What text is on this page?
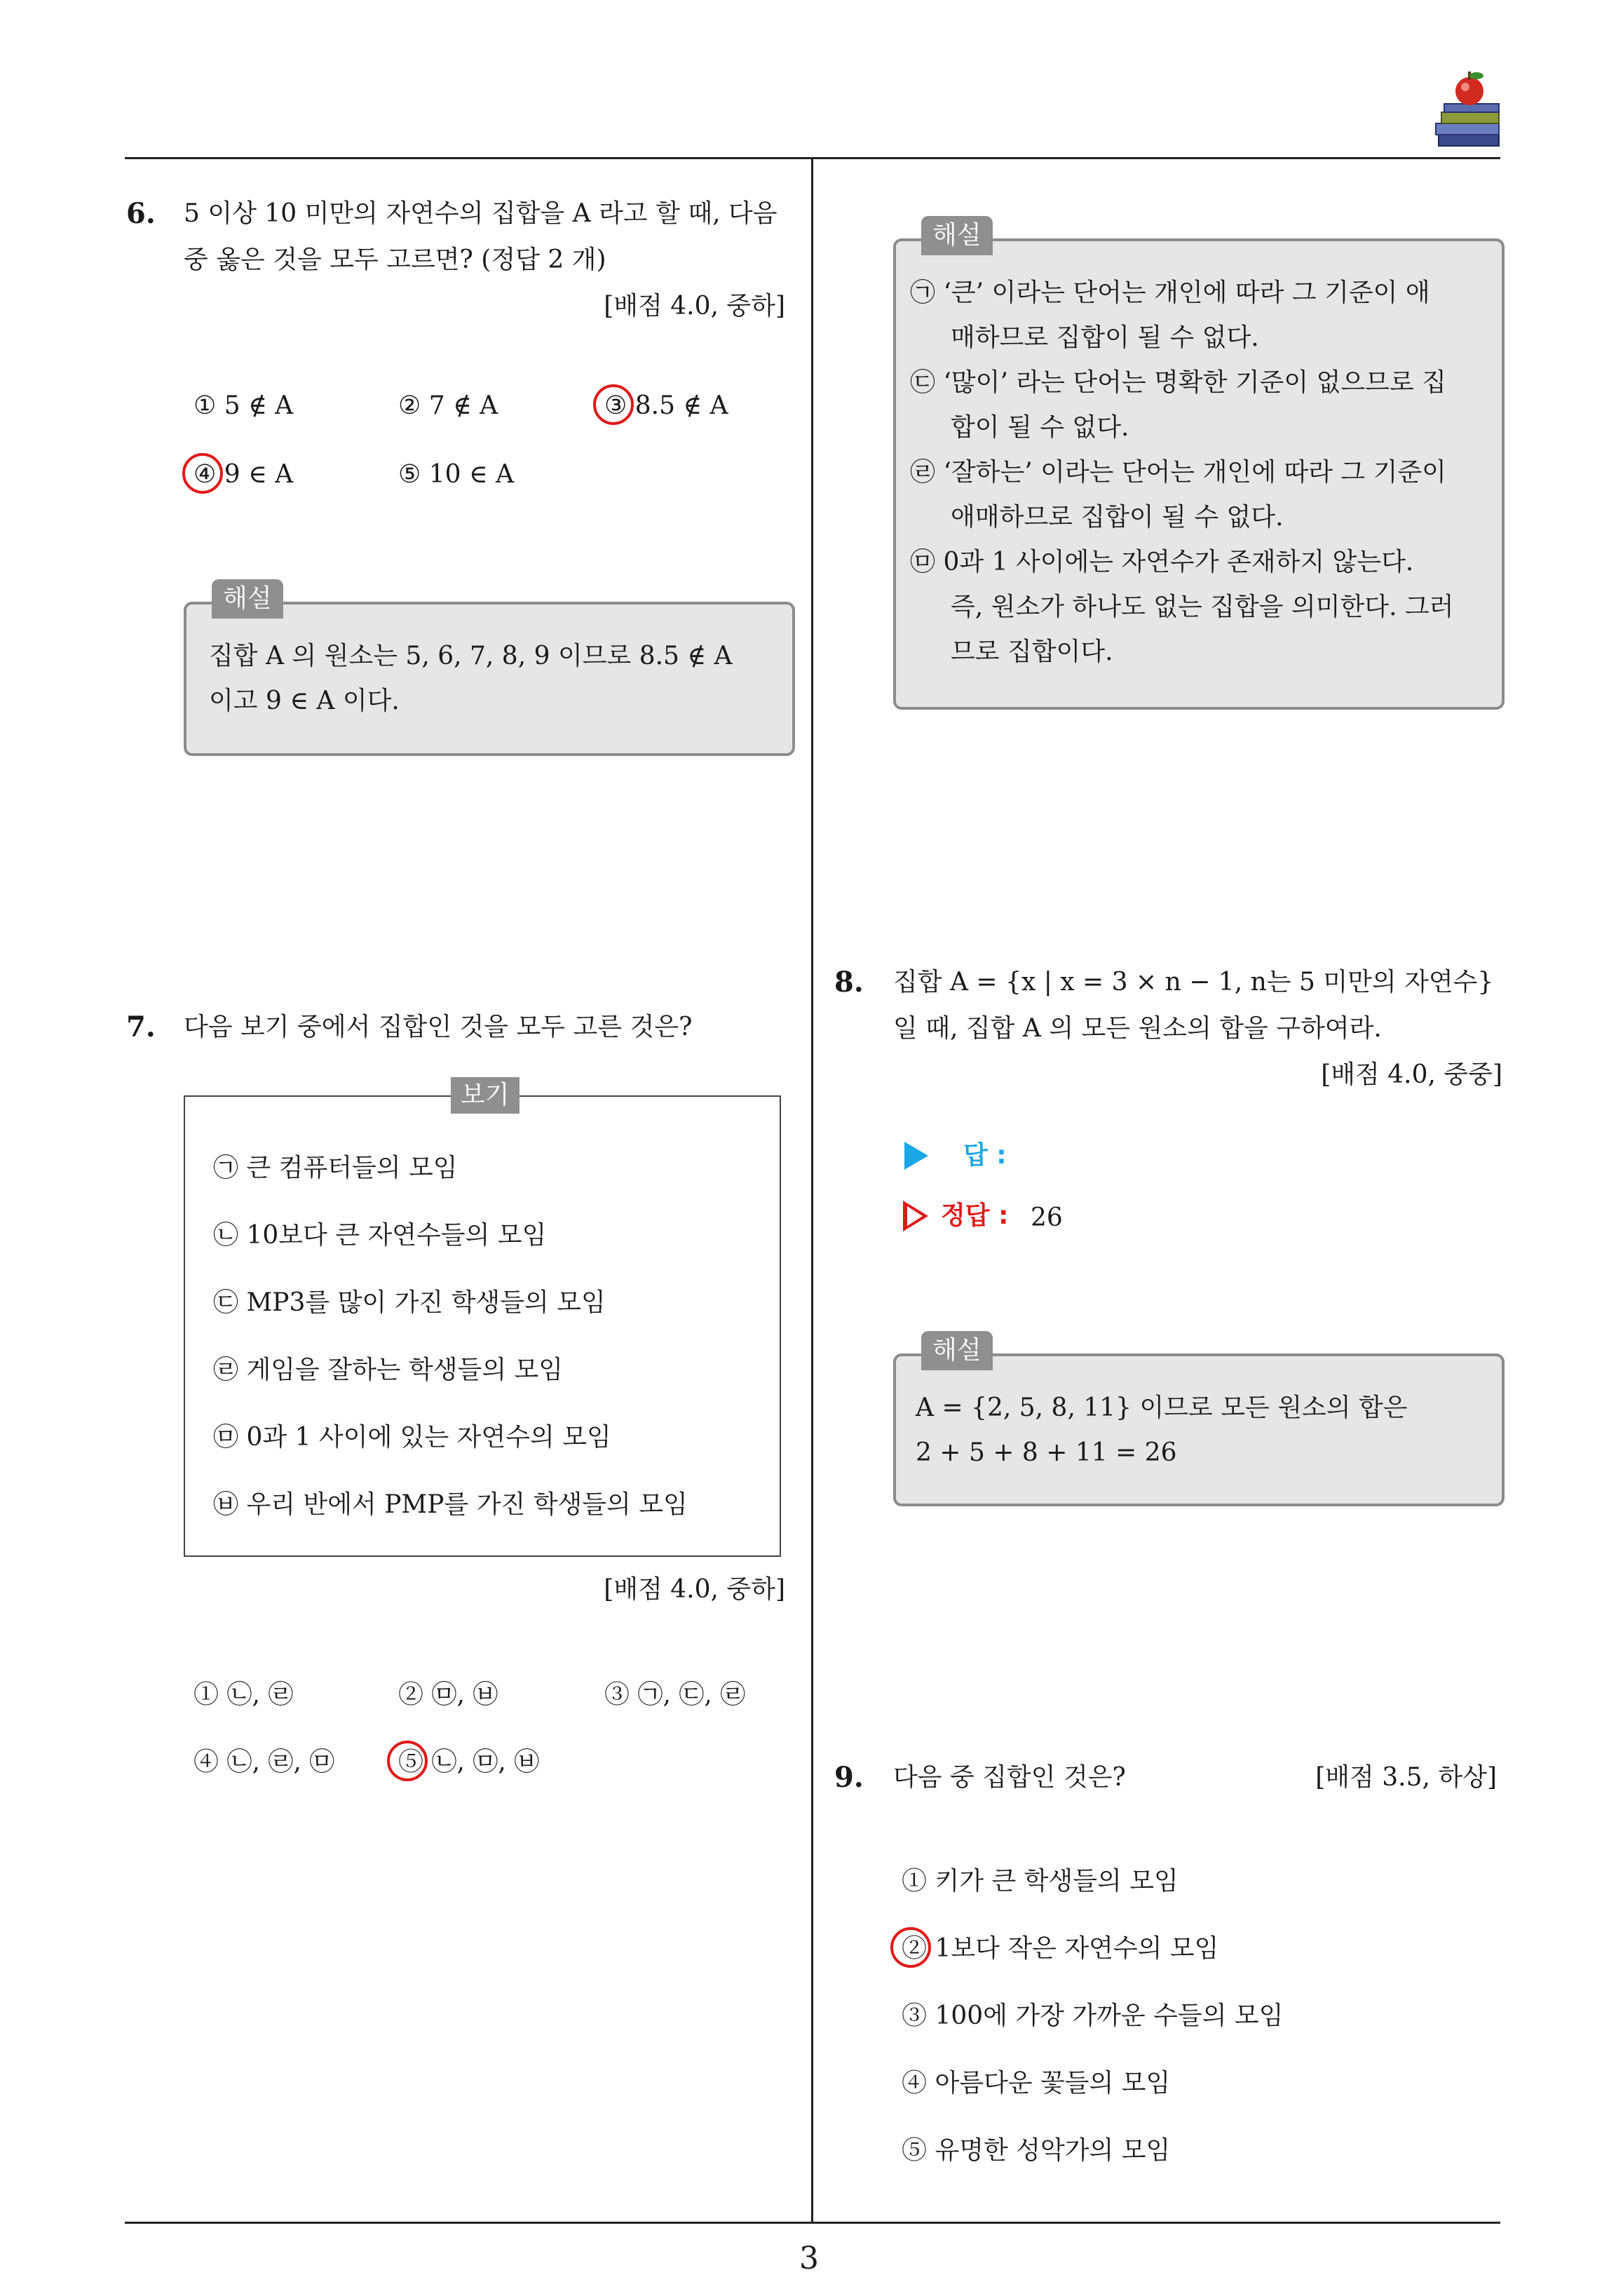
3
6. 5 이상 10 미만의 자연수의 집합을 A 라고 할 때, 다음
중 옳은 것을 모두 고르면? (정답 2 개)
[배점 4.0, 중하]
① 5 ∉ A	② 7 ∉ A	③ 8.5 ∉ A
④ 9 ∈ A	⑤ 10 ∈ A
해설
집합 A 의 원소는 5, 6, 7, 8, 9 이므로 8.5 ∉ A
이고 9 ∈ A 이다.
7. 다음 보기 중에서 집합인 것을 모두 고른 것은?
보기
㉠ 큰 컴퓨터들의 모임
㉡ 10보다 큰 자연수들의 모임
㉢ MP3를 많이 가진 학생들의 모임
㉣ 게임을 잘하는 학생들의 모임
㉤ 0과 1 사이에 있는 자연수의 모임
㉥ 우리 반에서 PMP를 가진 학생들의 모임
[배점 4.0, 중하]
① ㉡, ㉣	② ㉤, ㉥	③ ㉠, ㉢, ㉣
④ ㉡, ㉣, ㉤	⑤ ㉡, ㉤, ㉥
해설
㉠ ‘큰’ 이라는 단어는 개인에 따라 그 기준이 애
매하므로 집합이 될 수 없다.
㉢ ‘많이’ 라는 단어는 명확한 기준이 없으므로 집
합이 될 수 없다.
㉣ ‘잘하는’ 이라는 단어는 개인에 따라 그 기준이
애매하므로 집합이 될 수 없다.
㉤ 0과 1 사이에는 자연수가 존재하지 않는다.
즉, 원소가 하나도 없는 집합을 의미한다. 그러
므로 집합이다.
8. 집합 A = {x | x = 3 × n − 1, n는 5 미만의 자연수}
일 때, 집합 A 의 모든 원소의 합을 구하여라.
[배점 4.0, 중중]
답 :
정답 : 26
해설
A = {2, 5, 8, 11} 이므로 모든 원소의 합은
2 + 5 + 8 + 11 = 26
9. 다음 중 집합인 것은?	[배점 3.5, 하상]
① 키가 큰 학생들의 모임
② 1보다 작은 자연수의 모임
③ 100에 가장 가까운 수들의 모임
④ 아름다운 꽃들의 모임
⑤ 유명한 성악가의 모임
